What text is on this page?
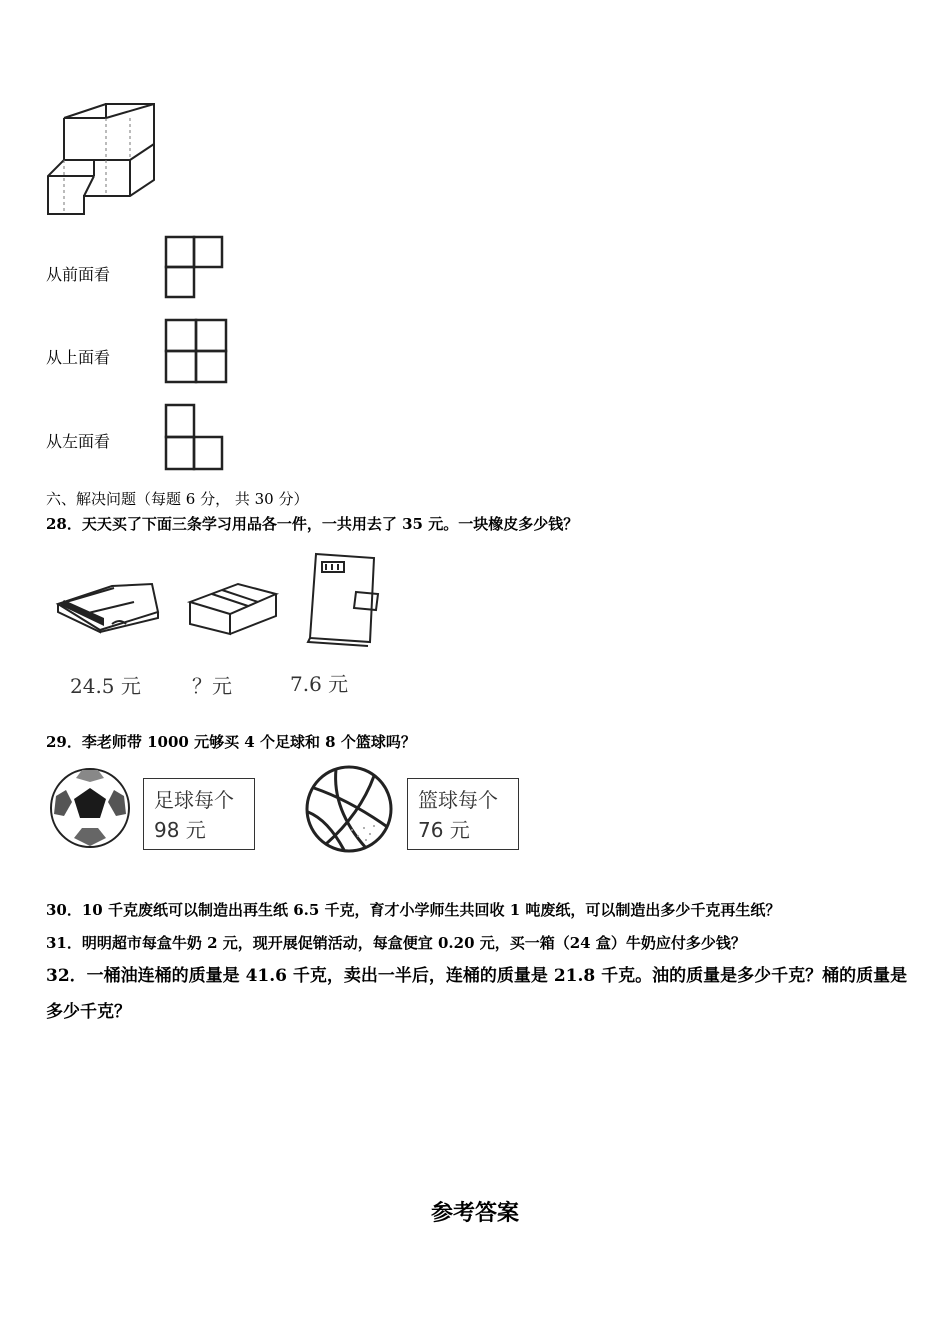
从前面看
从上面看
从左面看
六、解决问题（每题 6 分， 共 30 分）
28．天天买了下面三条学习用品各一件，一共用去了 35 元。一块橡皮多少钱？
24.5 元	？元	7.6 元
29．李老师带 1000 元够买 4 个足球和 8 个篮球吗？
足球每个
98 元
篮球每个
76 元
30．10 千克废纸可以制造出再生纸 6.5 千克，育才小学师生共回收 1 吨废纸，可以制造出多少千克再生纸？
31．明明超市每盒牛奶 2 元，现开展促销活动，每盒便宜 0.20 元，买一箱（24 盒）牛奶应付多少钱？
32．一桶油连桶的质量是 41.6 千克，卖出一半后，连桶的质量是 21.8 千克。油的质量是多少千克？桶的质量是多少千克？
参考答案
